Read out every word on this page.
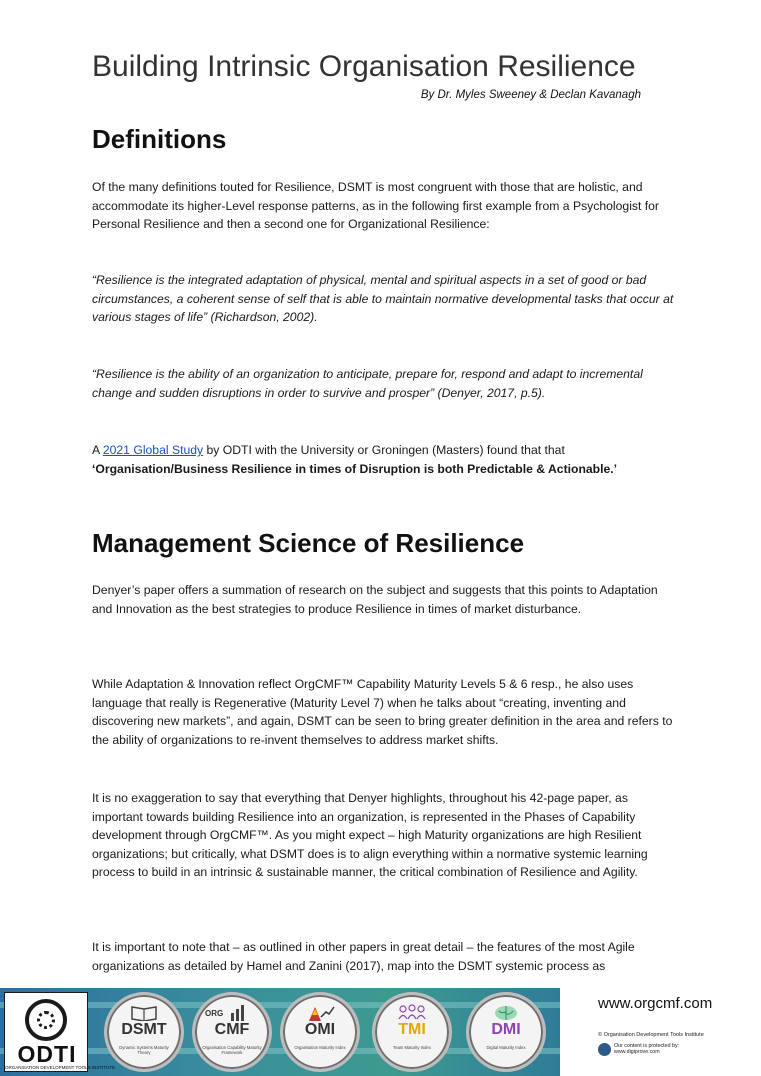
Building Intrinsic Organisation Resilience
By Dr. Myles Sweeney & Declan Kavanagh
Definitions

Of the many definitions touted for Resilience, DSMT is most congruent with those that are holistic, and accommodate its higher-Level response patterns, as in the following first example from a Psychologist for Personal Resilience and then a second one for Organizational Resilience:

“Resilience is the integrated adaptation of physical, mental and spiritual aspects in a set of good or bad circumstances, a coherent sense of self that is able to maintain normative developmental tasks that occur at various stages of life” (Richardson, 2002).

“Resilience is the ability of an organization to anticipate, prepare for, respond and adapt to incremental change and sudden disruptions in order to survive and prosper” (Denyer, 2017, p.5).

A 2021 Global Study by ODTI with the University or Groningen (Masters) found that that
‘Organisation/Business Resilience in times of Disruption is both Predictable & Actionable.’

Management Science of Resilience

Denyer’s paper offers a summation of research on the subject and suggests that this points to Adaptation and Innovation as the best strategies to produce Resilience in times of market disturbance.

While Adaptation & Innovation reflect OrgCMF™ Capability Maturity Levels 5 & 6 resp., he also uses language that really is Regenerative (Maturity Level 7) when he talks about “creating, inventing and discovering new markets”, and again, DSMT can be seen to bring greater definition in the area and refers to the ability of organizations to re-invent themselves to address market shifts.

It is no exaggeration to say that everything that Denyer highlights, throughout his 42-page paper, as important towards building Resilience into an organization, is represented in the Phases of Capability development through OrgCMF™. As you might expect – high Maturity organizations are high Resilient organizations; but critically, what DSMT does is to align everything within a normative systemic learning process to build in an intrinsic & sustainable manner, the critical combination of Resilience and Agility.

It is important to note that – as outlined in other papers in great detail – the features of the most Agile organizations as detailed by Hamel and Zanini (2017), map into the DSMT systemic process as

ODTI
ORGANISATION DEVELOPMENT TOOLS INSTITUTE
DSMT
Dynamic Systems Maturity Theory
ORG
CMF
Organisation Capability Maturity Framework
OMI
Organisation Maturity Index
TMI
Team Maturity Index
DMI
Digital Maturity Index
www.orgcmf.com
© Organisation Development Tools Institute
Our content is protected by:
www.digiprove.com
